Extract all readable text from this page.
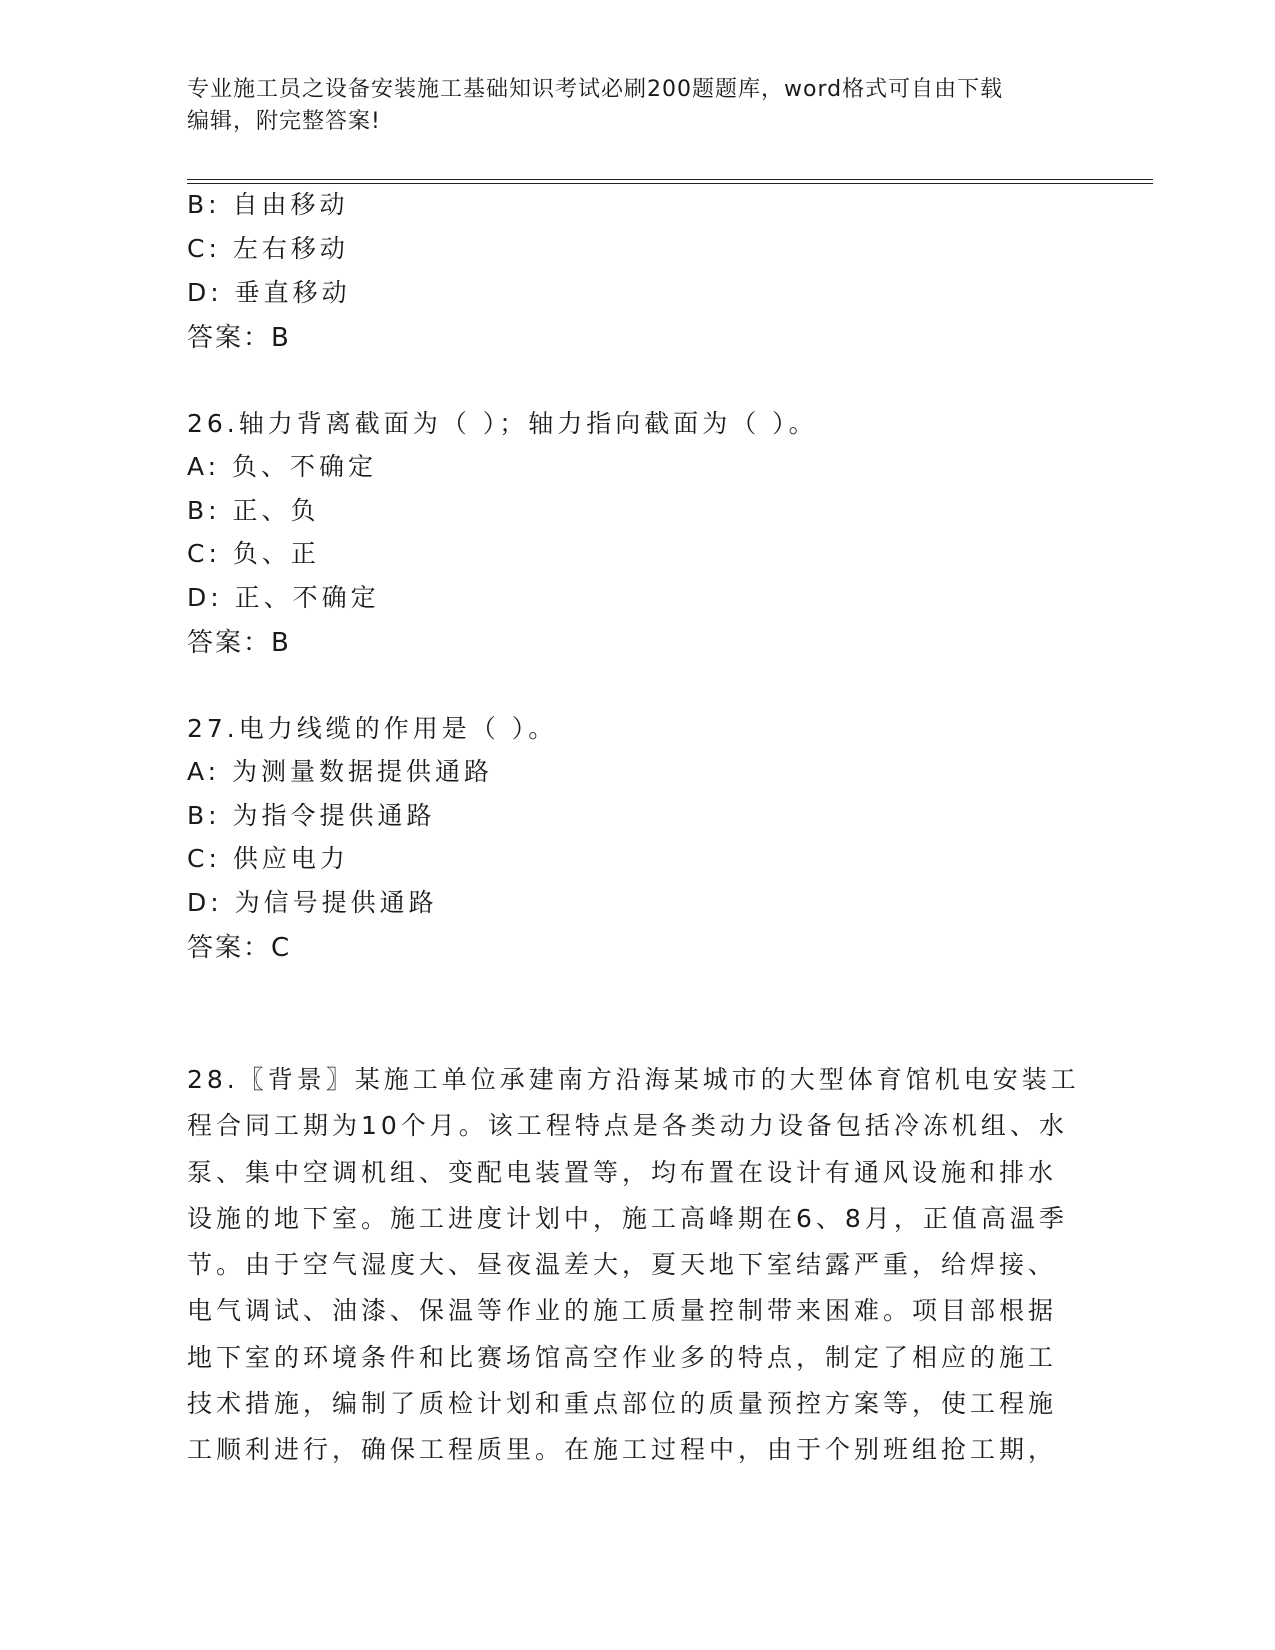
专业施工员之设备安装施工基础知识考试必刷200题题库，word格式可自由下载
编辑，附完整答案!
B: 自由移动
C: 左右移动
D: 垂直移动
答案：B
26.轴力背离截面为（ ）；轴力指向截面为（ ）。
A: 负、不确定
B: 正、负
C: 负、正
D: 正、不确定
答案：B
27.电力线缆的作用是（ ）。
A: 为测量数据提供通路
B: 为指令提供通路
C: 供应电力
D: 为信号提供通路
答案：C
28.〖背景〗某施工单位承建南方沿海某城市的大型体育馆机电安装工
程合同工期为10个月。该工程特点是各类动力设备包括冷冻机组、水
泵、集中空调机组、变配电装置等，均布置在设计有通风设施和排水
设施的地下室。施工进度计划中，施工高峰期在6、8月，正值高温季
节。由于空气湿度大、昼夜温差大，夏天地下室结露严重，给焊接、
电气调试、油漆、保温等作业的施工质量控制带来困难。项目部根据
地下室的环境条件和比赛场馆高空作业多的特点，制定了相应的施工
技术措施，编制了质检计划和重点部位的质量预控方案等，使工程施
工顺利进行，确保工程质里。在施工过程中，由于个别班组抢工期，
